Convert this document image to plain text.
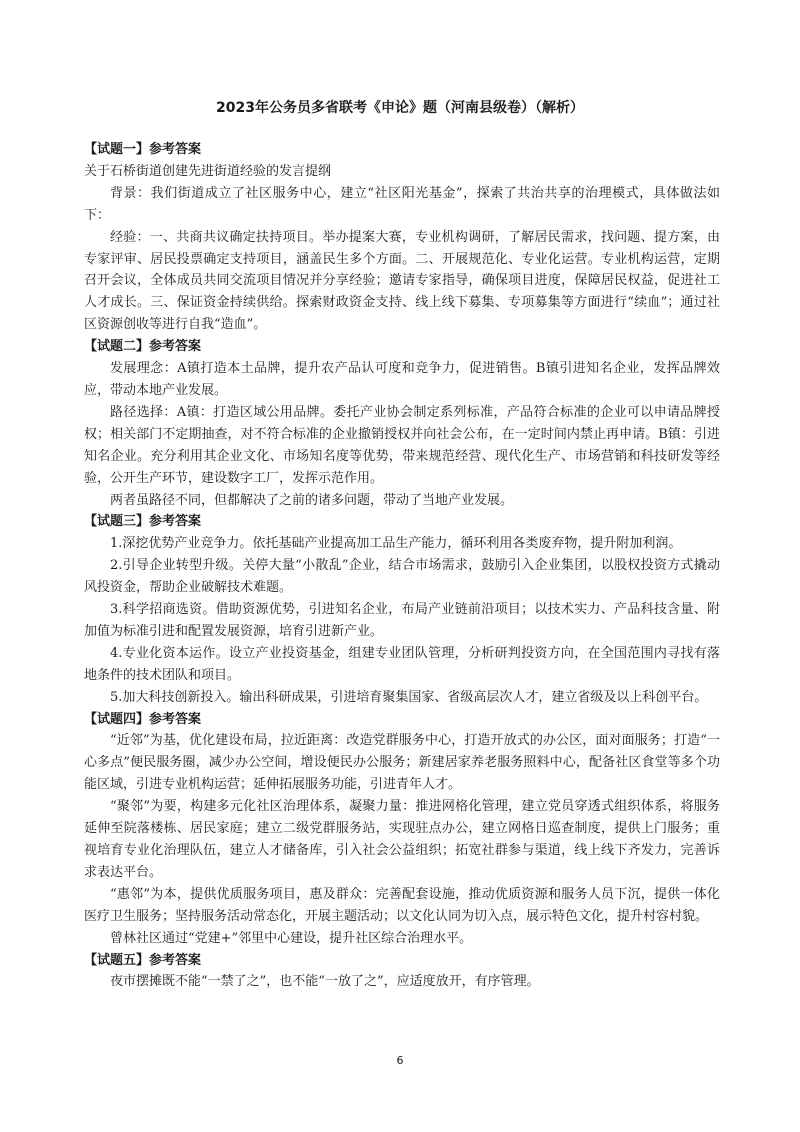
2023年公务员多省联考《申论》题（河南县级卷）（解析）
【试题一】参考答案

关于石桥街道创建先进街道经验的发言提纲

背景：我们街道成立了社区服务中心，建立“社区阳光基金”，探索了共治共享的治理模式，具体做法如下：

经验：一、共商共议确定扶持项目。举办提案大赛，专业机构调研，了解居民需求，找问题、提方案，由专家评审、居民投票确定支持项目，涵盖民生多个方面。二、开展规范化、专业化运营。专业机构运营，定期召开会议，全体成员共同交流项目情况并分享经验；邀请专家指导，确保项目进度，保障居民权益，促进社工人才成长。三、保证资金持续供给。探索财政资金支持、线上线下募集、专项募集等方面进行“续血”；通过社区资源创收等进行自我“造血”。

【试题二】参考答案

发展理念：A镇打造本土品牌，提升农产品认可度和竞争力，促进销售。B镇引进知名企业，发挥品牌效应，带动本地产业发展。

路径选择：A镇：打造区域公用品牌。委托产业协会制定系列标准，产品符合标准的企业可以申请品牌授权；相关部门不定期抽查，对不符合标准的企业撤销授权并向社会公布，在一定时间内禁止再申请。B镇：引进知名企业。充分利用其企业文化、市场知名度等优势，带来规范经营、现代化生产、市场营销和科技研发等经验，公开生产环节，建设数字工厂，发挥示范作用。

两者虽路径不同，但都解决了之前的诸多问题，带动了当地产业发展。

【试题三】参考答案

1.深挖优势产业竞争力。依托基础产业提高加工品生产能力，循环利用各类废弃物，提升附加利润。

2.引导企业转型升级。关停大量“小散乱”企业，结合市场需求，鼓励引入企业集团，以股权投资方式撬动风投资金，帮助企业破解技术难题。

3.科学招商选资。借助资源优势，引进知名企业，布局产业链前沿项目；以技术实力、产品科技含量、附加值为标准引进和配置发展资源，培育引进新产业。

4.专业化资本运作。设立产业投资基金，组建专业团队管理，分析研判投资方向，在全国范围内寻找有落地条件的技术团队和项目。

5.加大科技创新投入。输出科研成果，引进培育聚集国家、省级高层次人才，建立省级及以上科创平台。

【试题四】参考答案

“近邻”为基，优化建设布局，拉近距离：改造党群服务中心，打造开放式的办公区，面对面服务；打造“一心多点”便民服务圈，减少办公空间，增设便民办公服务；新建居家养老服务照料中心，配备社区食堂等多个功能区域，引进专业机构运营；延伸拓展服务功能，引进青年人才。

“聚邻”为要，构建多元化社区治理体系，凝聚力量：推进网格化管理，建立党员穿透式组织体系，将服务延伸至院落楼栋、居民家庭；建立二级党群服务站，实现驻点办公，建立网格日巡查制度，提供上门服务；重视培育专业化治理队伍，建立人才储备库，引入社会公益组织；拓宽社群参与渠道，线上线下齐发力，完善诉求表达平台。

“惠邻”为本，提供优质服务项目，惠及群众：完善配套设施，推动优质资源和服务人员下沉，提供一体化医疗卫生服务；坚持服务活动常态化，开展主题活动；以文化认同为切入点，展示特色文化，提升村容村貌。

曾林社区通过“党建+”邻里中心建设，提升社区综合治理水平。

【试题五】参考答案

夜市摆摊既不能“一禁了之”，也不能“一放了之”，应适度放开，有序管理。

6
